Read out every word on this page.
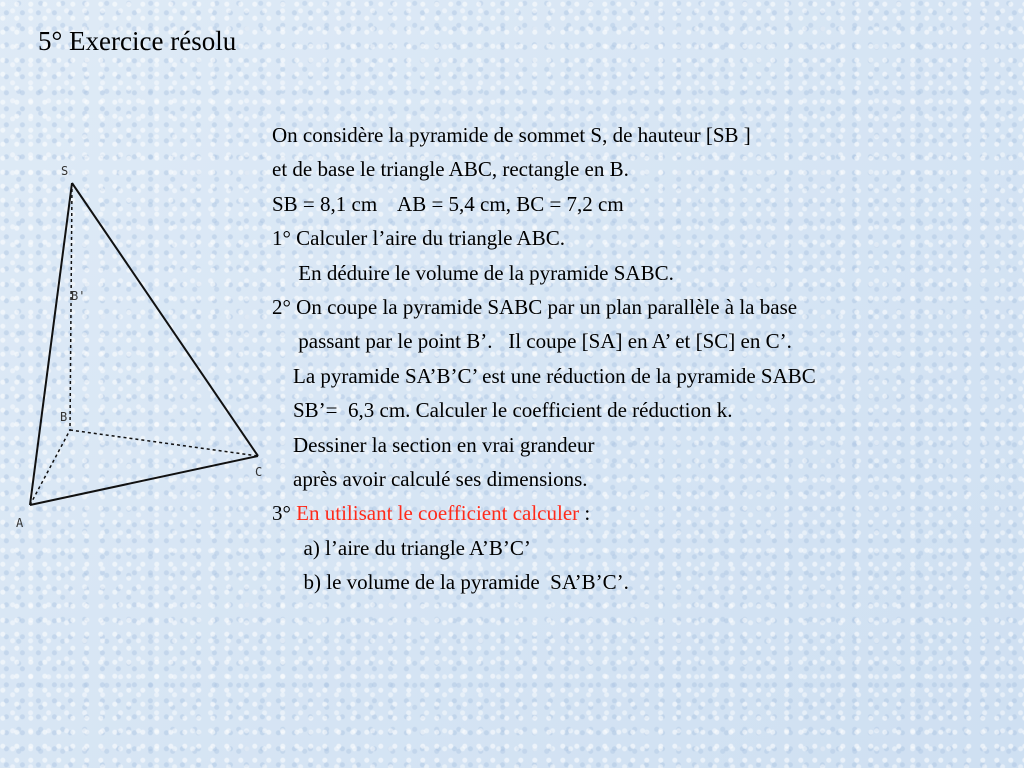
5° Exercice résolu
S
B'
B
C
A
On considère la pyramide de sommet S, de hauteur [SB ]
et de base le triangle ABC, rectangle en B.
SB = 8,1 cm    AB = 5,4 cm, BC = 7,2 cm
1° Calculer l’aire du triangle ABC.
En déduire le volume de la pyramide SABC.
2° On coupe la pyramide SABC par un plan parallèle à la base
passant par le point B’.   Il coupe [SA] en A’ et [SC] en C’.
La pyramide SA’B’C’ est une réduction de la pyramide SABC
SB’=  6,3 cm. Calculer le coefficient de réduction k.
Dessiner la section en vrai grandeur
après avoir calculé ses dimensions.
3° En utilisant le coefficient calculer :
a) l’aire du triangle A’B’C’
b) le volume de la pyramide  SA’B’C’.
